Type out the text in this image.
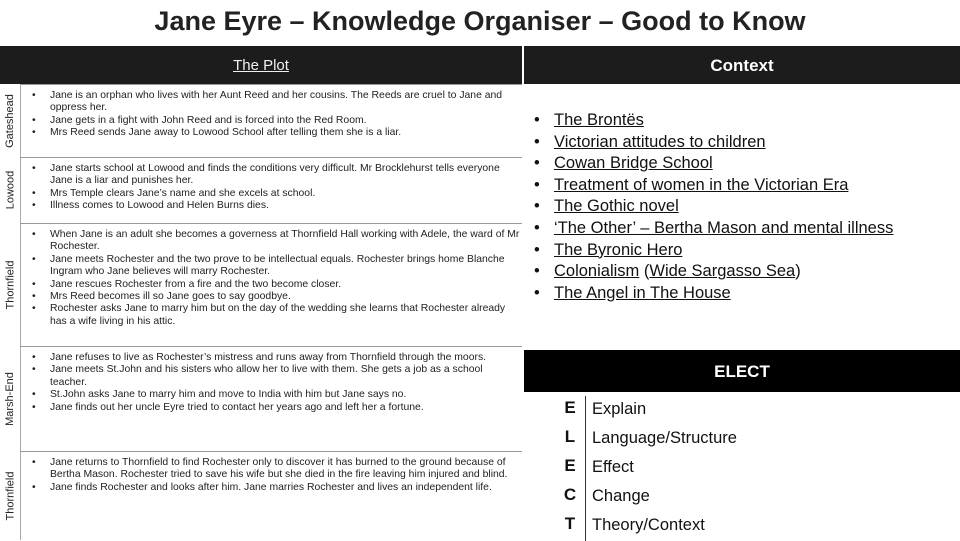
Jane Eyre – Knowledge Organiser – Good to Know
The Plot	Context
Gateshead
•	Jane is an orphan who lives with her Aunt Reed and her cousins. The Reeds are cruel to Jane and oppress her.
• Jane gets in a fight with John Reed and is forced into the Red Room.
• Mrs Reed sends Jane away to Lowood School after telling them she is a liar.
Lowood
• Jane starts school at Lowood and finds the conditions very difficult. Mr Brocklehurst tells everyone Jane is a liar and punishes her.
• Mrs Temple clears Jane’s name and she excels at school.
• Illness comes to Lowood and Helen Burns dies.
Thornfield
• When Jane is an adult she becomes a governess at Thornfield Hall working with Adele, the ward of Mr Rochester.
• Jane meets Rochester and the two prove to be intellectual equals. Rochester brings home Blanche Ingram who Jane believes will marry Rochester.
• Jane rescues Rochester from a fire and the two become closer.
• Mrs Reed becomes ill so Jane goes to say goodbye.
• Rochester asks Jane to marry him but on the day of the wedding she learns that Rochester already has a wife living in his attic.
Marsh-End
• Jane refuses to live as Rochester’s mistress and runs away from Thornfield through the moors.
• Jane meets St.John and his sisters who allow her to live with them. She gets a job as a school teacher.
• St.John asks Jane to marry him and move to India with him but Jane says no.
• Jane finds out her uncle Eyre tried to contact her years ago and left her a fortune.
Thornfield
• Jane returns to Thornfield to find Rochester only to discover it has burned to the ground because of Bertha Mason. Rochester tried to save his wife but she died in the fire leaving him injured and blind.
• Jane finds Rochester and looks after him. Jane marries Rochester and lives an independent life.
• The Brontës
• Victorian attitudes to children
• Cowan Bridge School
• Treatment of women in the Victorian Era
• The Gothic novel
• ‘The Other’ – Bertha Mason and mental illness
• The Byronic Hero
• Colonialism (Wide Sargasso Sea)
• The Angel in The House
ELECT
E Explain
L	Language/Structure
E Effect
C Change
T	Theory/Context
